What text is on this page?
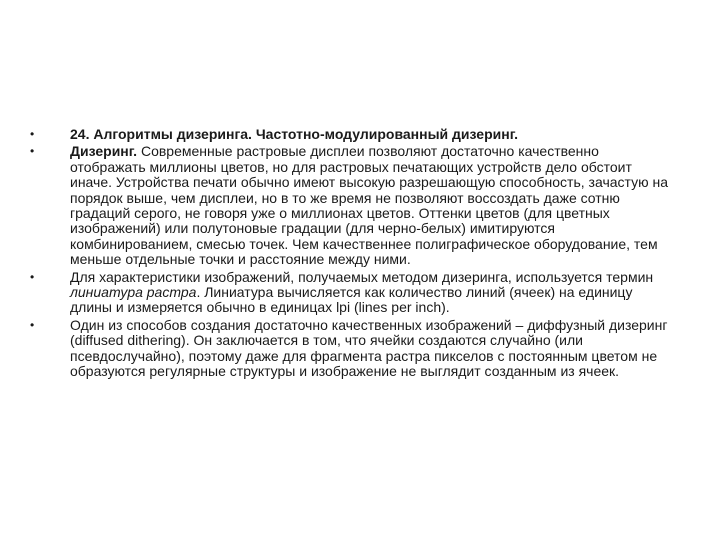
•	24. Алгоритмы дизеринга. Частотно-модулированный дизеринг.
•	Дизеринг. Современные растровые дисплеи позволяют достаточно качественно отображать миллионы цветов, но для растровых печатающих устройств дело обстоит иначе. Устройства печати обычно имеют высокую разрешающую способность, зачастую на порядок выше, чем дисплеи, но в то же время не позволяют воссоздать даже сотню градаций серого, не говоря уже о миллионах цветов. Оттенки цветов (для цветных изображений) или полутоновые градации (для черно-белых) имитируются комбинированием, смесью точек. Чем качественнее полиграфическое оборудование, тем меньше отдельные точки и расстояние между ними.
•	Для характеристики изображений, получаемых методом дизеринга, используется термин линиатура растра. Линиатура вычисляется как количество линий (ячеек) на единицу длины и измеряется обычно в единицах lpi (lines per inch).
•	Один из способов создания достаточно качественных изображений – диффузный дизеринг (diffused dithering). Он заключается в том, что ячейки создаются случайно (или псевдослучайно), поэтому даже для фрагмента растра пикселов с постоянным цветом не образуются регулярные структуры и изображение не выглядит созданным из ячеек.
